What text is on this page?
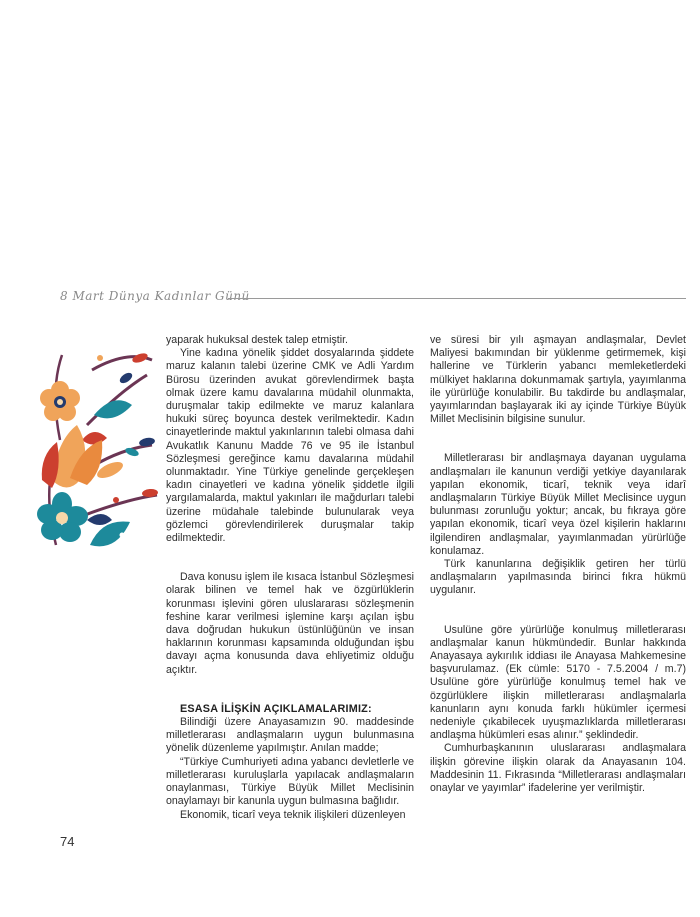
8 Mart Dünya Kadınlar Günü

yaparak hukuksal destek talep etmiştir.

Yine kadına yönelik şiddet dosyalarında şiddete maruz kalanın talebi üzerine CMK ve Adli Yardım Bürosu üzerinden avukat görevlendirmek başta olmak üzere kamu davalarına müdahil olunmakta, duruşmalar takip edilmekte ve maruz kalanlara hukuki süreç boyunca destek verilmektedir. Kadın cinayetlerinde maktul yakınlarının talebi olmasa dahi Avukatlık Kanunu Madde 76 ve 95 ile İstanbul Sözleşmesi gereğince kamu davalarına müdahil olunmaktadır. Yine Türkiye genelinde gerçekleşen kadın cinayetleri ve kadına yönelik şiddetle ilgili yargılamalarda, maktul yakınları ile mağdurları talebi üzerine müdahale talebinde bulunularak veya gözlemci görevlendirilerek duruşmalar takip edilmektedir.

Dava konusu işlem ile kısaca İstanbul Sözleşmesi olarak bilinen ve temel hak ve özgürlüklerin korunması işlevini gören uluslararası sözleşmenin feshine karar verilmesi işlemine karşı açılan işbu dava doğrudan hukukun üstünlüğünün ve insan haklarının korunması kapsamında olduğundan işbu davayı açma konusunda dava ehliyetimiz olduğu açıktır.

ESASA İLİŞKİN AÇIKLAMALARIMIZ:

Bilindiği üzere Anayasamızın 90. maddesinde milletlerarası andlaşmaların uygun bulunmasına yönelik düzenleme yapılmıştır. Anılan madde;

“Türkiye Cumhuriyeti adına yabancı devletlerle ve milletlerarası kuruluşlarla yapılacak andlaşmaların onaylanması, Türkiye Büyük Millet Meclisinin onaylamayı bir kanunla uygun bulmasına bağlıdır.

Ekonomik, ticarî veya teknik ilişkileri düzenleyen

ve süresi bir yılı aşmayan andlaşmalar, Devlet Maliyesi bakımından bir yüklenme getirmemek, kişi hallerine ve Türklerin yabancı memleketlerdeki mülkiyet haklarına dokunmamak şartıyla, yayımlanma ile yürürlüğe konulabilir. Bu takdirde bu andlaşmalar, yayımlarından başlayarak iki ay içinde Türkiye Büyük Millet Meclisinin bilgisine sunulur.

Milletlerarası bir andlaşmaya dayanan uygulama andlaşmaları ile kanunun verdiği yetkiye dayanılarak yapılan ekonomik, ticarî, teknik veya idarî andlaşmaların Türkiye Büyük Millet Meclisince uygun bulunması zorunluğu yoktur; ancak, bu fıkraya göre yapılan ekonomik, ticarî veya özel kişilerin haklarını ilgilendiren andlaşmalar, yayımlanmadan yürürlüğe konulamaz.

Türk kanunlarına değişiklik getiren her türlü andlaşmaların yapılmasında birinci fıkra hükmü uygulanır.

Usulüne göre yürürlüğe konulmuş milletlerarası andlaşmalar kanun hükmündedir. Bunlar hakkında Anayasaya aykırılık iddiası ile Anayasa Mahkemesine başvurulamaz. (Ek cümle: 5170 - 7.5.2004 / m.7) Usulüne göre yürürlüğe konulmuş temel hak ve özgürlüklere ilişkin milletlerarası andlaşmalarla kanunların aynı konuda farklı hükümler içermesi nedeniyle çıkabilecek uyuşmazlıklarda milletlerarası andlaşma hükümleri esas alınır.” şeklindedir.

Cumhurbaşkanının uluslararası andlaşmalara ilişkin görevine ilişkin olarak da Anayasanın 104. Maddesinin 11. Fıkrasında “Milletlerarası andlaşmaları onaylar ve yayımlar” ifadelerine yer verilmiştir.

74
